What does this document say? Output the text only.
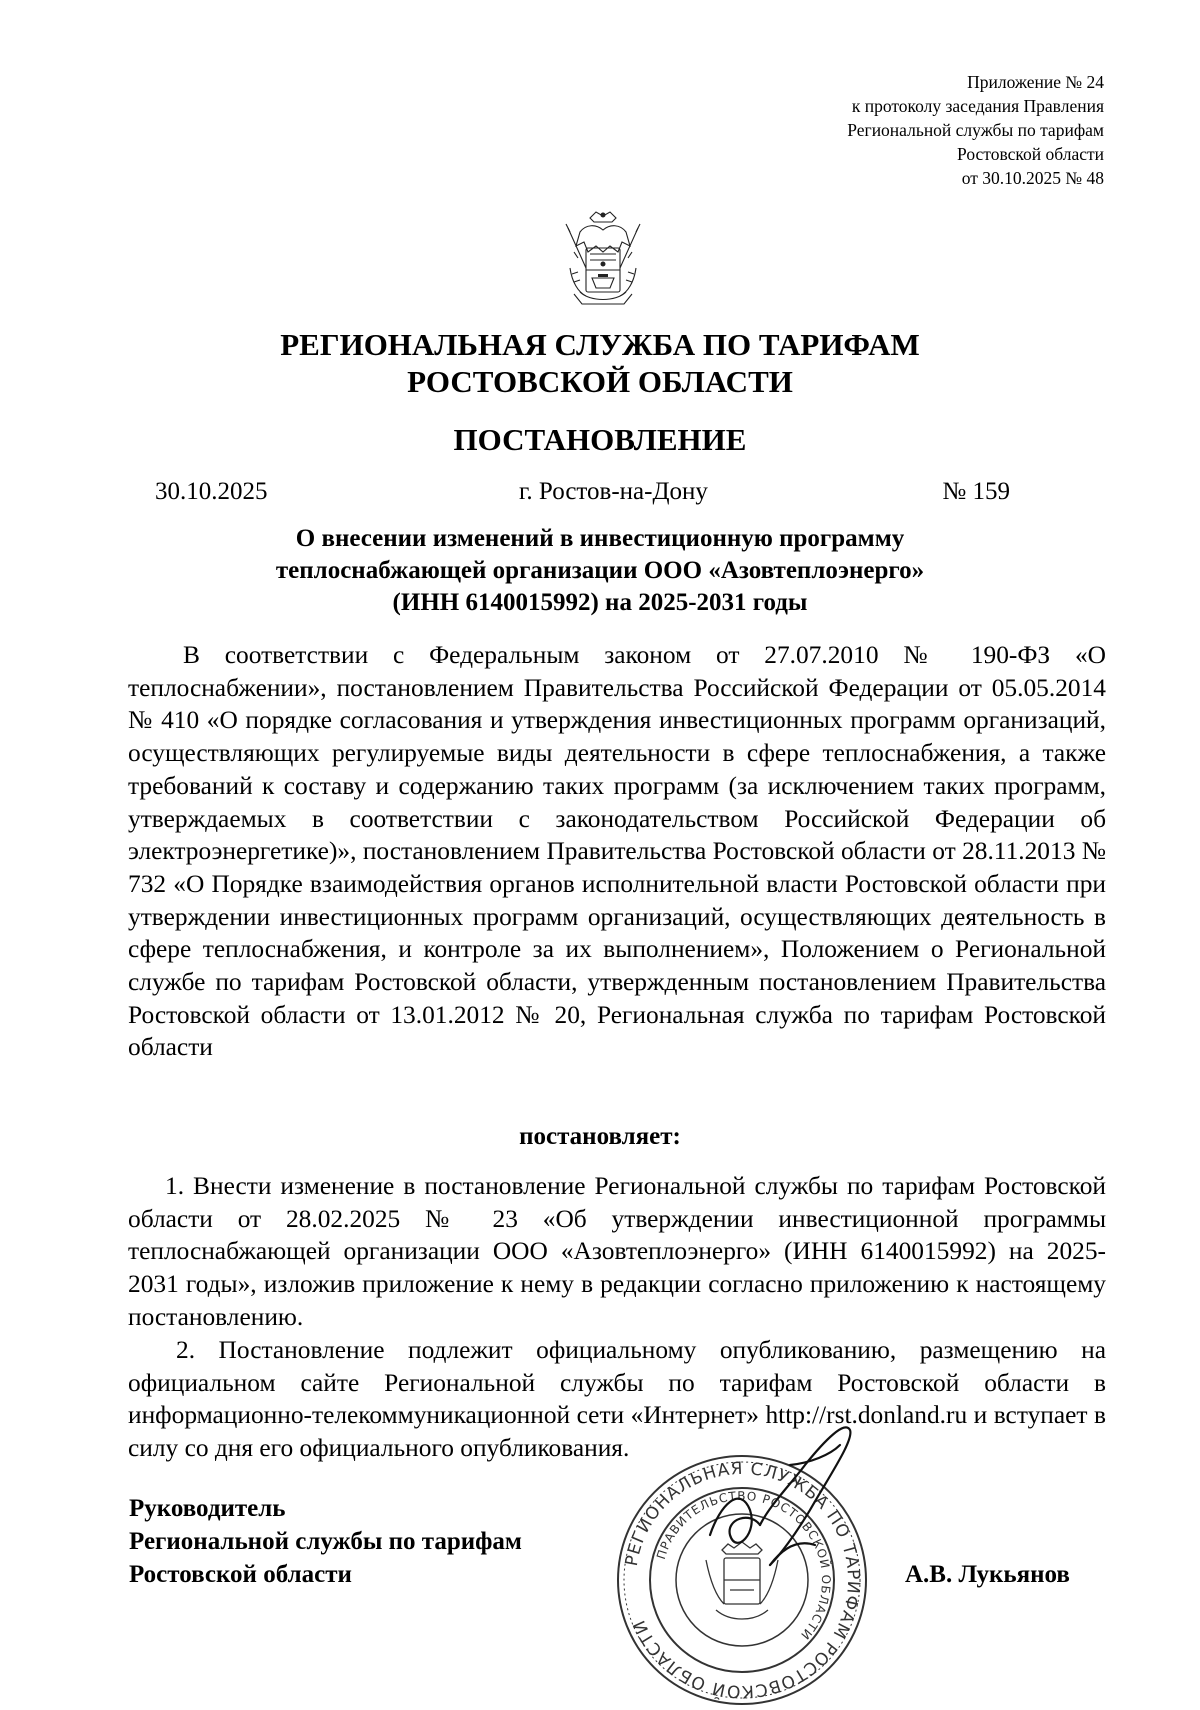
Приложение № 24
к протоколу заседания Правления
Региональной службы по тарифам
Ростовской области
от 30.10.2025 № 48
РЕГИОНАЛЬНАЯ СЛУЖБА ПО ТАРИФАМ
РОСТОВСКОЙ ОБЛАСТИ
ПОСТАНОВЛЕНИЕ
30.10.2025	г. Ростов-на-Дону	№ 159
О внесении изменений в инвестиционную программу
теплоснабжающей организации ООО «Азовтеплоэнерго»
(ИНН 6140015992) на 2025-2031 годы
В соответствии с Федеральным законом от 27.07.2010 № 190-ФЗ «О теплоснабжении», постановлением Правительства Российской Федерации от 05.05.2014 № 410 «О порядке согласования и утверждения инвестиционных программ организаций, осуществляющих регулируемые виды деятельности в сфере теплоснабжения, а также требований к составу и содержанию таких программ (за исключением таких программ, утверждаемых в соответствии с законодательством Российской Федерации об электроэнергетике)», постановлением Правительства Ростовской области от 28.11.2013 № 732 «О Порядке взаимодействия органов исполнительной власти Ростовской области при утверждении инвестиционных программ организаций, осуществляющих деятельность в сфере теплоснабжения, и контроле за их выполнением», Положением о Региональной службе по тарифам Ростовской области, утвержденным постановлением Правительства Ростовской области от 13.01.2012 № 20, Региональная служба по тарифам Ростовской области
постановляет:
1. Внести изменение в постановление Региональной службы по тарифам Ростовской области от 28.02.2025 № 23 «Об утверждении инвестиционной программы теплоснабжающей организации ООО «Азовтеплоэнерго» (ИНН 6140015992) на 2025-2031 годы», изложив приложение к нему в редакции согласно приложению к настоящему постановлению.
2. Постановление подлежит официальному опубликованию, размещению на официальном сайте Региональной службы по тарифам Ростовской области в информационно-телекоммуникационной сети «Интернет» http://rst.donland.ru и вступает в силу со дня его официального опубликования.
Руководитель
Региональной службы по тарифам
Ростовской области
РЕГИОНАЛЬНАЯ СЛУЖБА ПО ТАРИФАМ РОСТОВСКОЙ ОБЛАСТИ
ПРАВИТЕЛЬСТВО РОСТОВСКОЙ ОБЛАСТИ
А.В. Лукьянов
